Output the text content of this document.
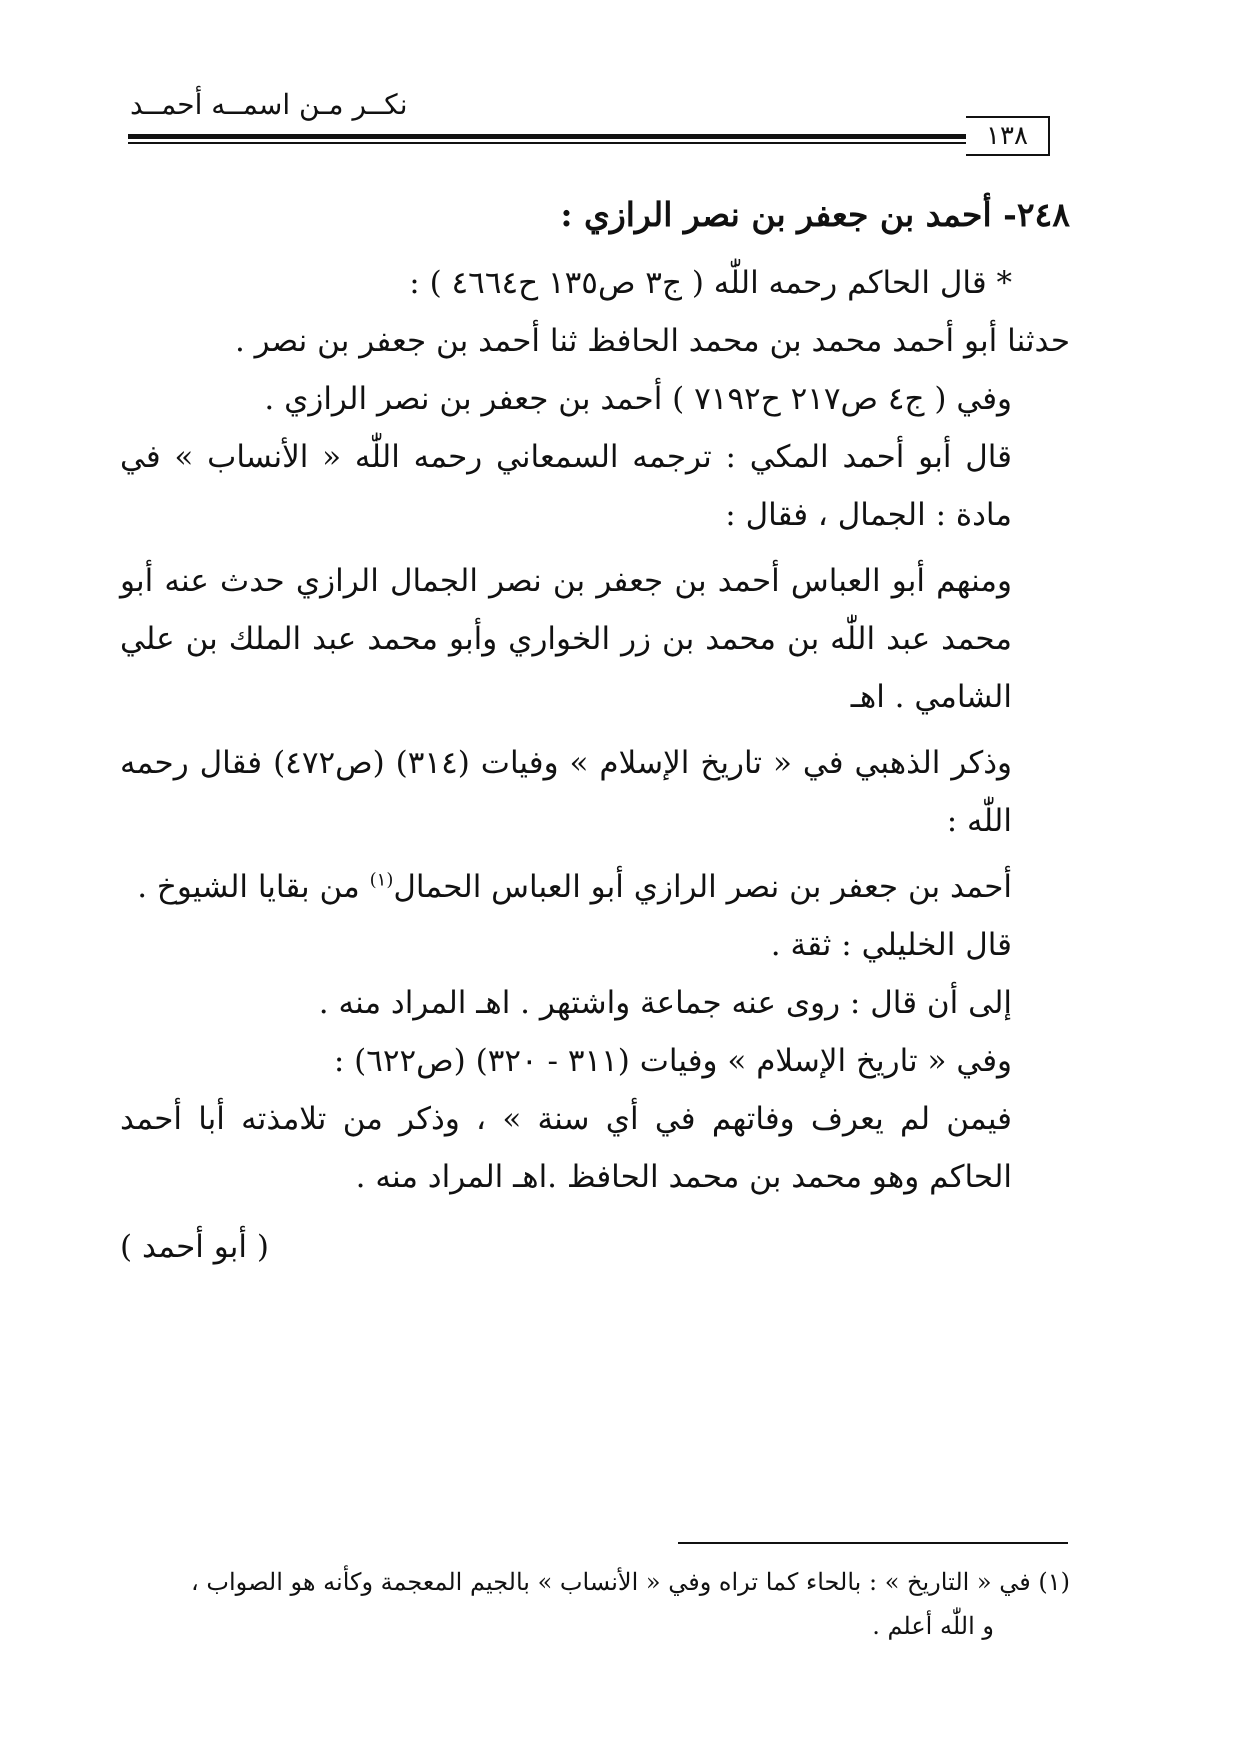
نكــر مـن اسمــه أحمــد
١٣٨

٢٤٨- أحمد بن جعفر بن نصر الرازي :

* قال الحاكم رحمه اللّٰه ( ج٣ ص١٣٥ ح٤٦٦٤ ) :

حدثنا أبو أحمد محمد بن محمد الحافظ ثنا أحمد بن جعفر بن نصر .

وفي ( ج٤ ص٢١٧ ح٧١٩٢ ) أحمد بن جعفر بن نصر الرازي .

قال أبو أحمد المكي : ترجمه السمعاني رحمه اللّٰه « الأنساب » في مادة : الجمال ، فقال :

ومنهم أبو العباس أحمد بن جعفر بن نصر الجمال الرازي حدث عنه أبو محمد عبد اللّٰه بن محمد بن زر الخواري وأبو محمد عبد الملك بن علي الشامي . اهـ

وذكر الذهبي في « تاريخ الإسلام » وفيات (٣١٤) (ص٤٧٢) فقال رحمه اللّٰه :

أحمد بن جعفر بن نصر الرازي أبو العباس الحمال$^{(١)}$ من بقايا الشيوخ .

قال الخليلي : ثقة .

إلى أن قال : روى عنه جماعة واشتهر . اهـ المراد منه .

وفي « تاريخ الإسلام » وفيات (٣١١ - ٣٢٠) (ص٦٢٢) :

فيمن لم يعرف وفاتهم في أي سنة » ، وذكر من تلامذته أبا أحمد الحاكم وهو محمد بن محمد الحافظ .اهـ المراد منه .

( أبو أحمد )

(١) في « التاريخ » : بالحاء كما تراه وفي « الأنساب » بالجيم المعجمة وكأنه هو الصواب ،

و اللّٰه أعلم .
